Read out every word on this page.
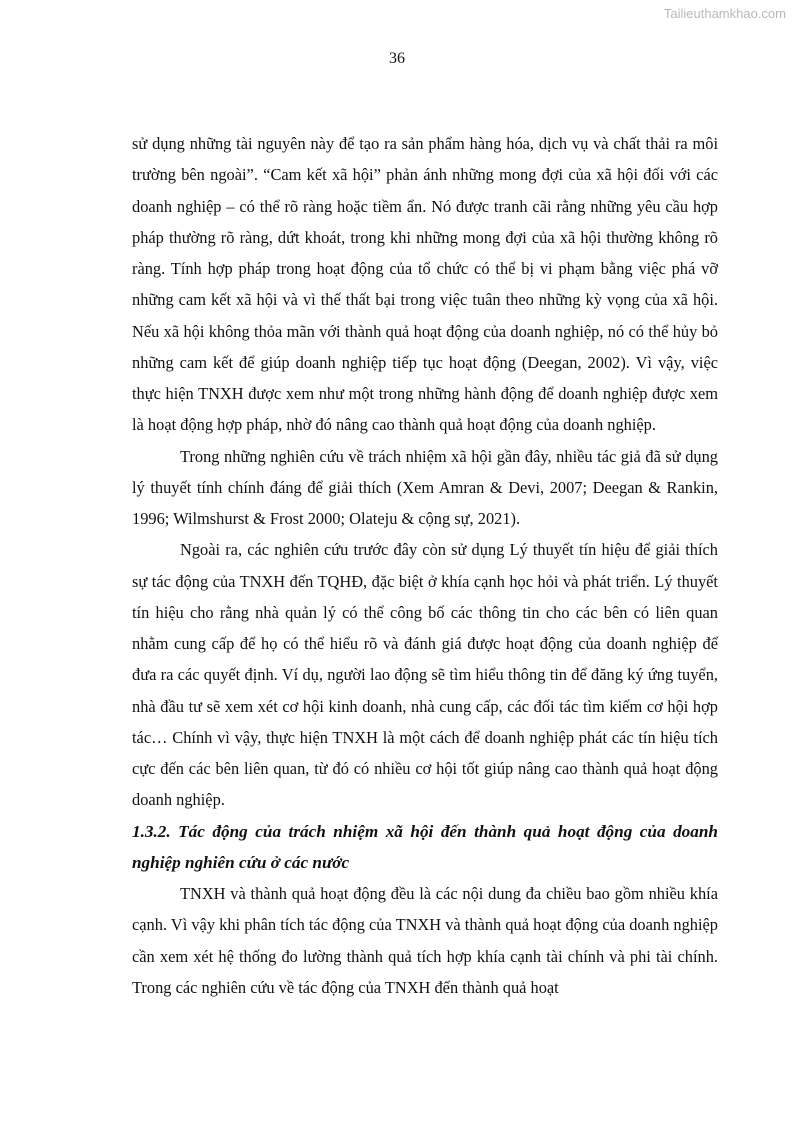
Tailieuthamkhao.com
36

sử dụng những tài nguyên này để tạo ra sản phẩm hàng hóa, dịch vụ và chất thải ra môi trường bên ngoài”. “Cam kết xã hội” phản ánh những mong đợi của xã hội đối với các doanh nghiệp – có thể rõ ràng hoặc tiềm ẩn. Nó được tranh cãi rằng những yêu cầu hợp pháp thường rõ ràng, dứt khoát, trong khi những mong đợi của xã hội thường không rõ ràng. Tính hợp pháp trong hoạt động của tổ chức có thể bị vi phạm bằng việc phá vỡ những cam kết xã hội và vì thế thất bại trong việc tuân theo những kỳ vọng của xã hội. Nếu xã hội không thỏa mãn với thành quả hoạt động của doanh nghiệp, nó có thể hủy bỏ những cam kết để giúp doanh nghiệp tiếp tục hoạt động (Deegan, 2002). Vì vậy, việc thực hiện TNXH được xem như một trong những hành động để doanh nghiệp được xem là hoạt động hợp pháp, nhờ đó nâng cao thành quả hoạt động của doanh nghiệp.

Trong những nghiên cứu về trách nhiệm xã hội gần đây, nhiều tác giả đã sử dụng lý thuyết tính chính đáng để giải thích (Xem Amran & Devi, 2007; Deegan & Rankin, 1996; Wilmshurst & Frost 2000; Olateju & cộng sự, 2021).

Ngoài ra, các nghiên cứu trước đây còn sử dụng Lý thuyết tín hiệu để giải thích sự tác động của TNXH đến TQHĐ, đặc biệt ở khía cạnh học hỏi và phát triển. Lý thuyết tín hiệu cho rằng nhà quản lý có thể công bố các thông tin cho các bên có liên quan nhằm cung cấp để họ có thể hiểu rõ và đánh giá được hoạt động của doanh nghiệp để đưa ra các quyết định. Ví dụ, người lao động sẽ tìm hiểu thông tin để đăng ký ứng tuyển, nhà đầu tư sẽ xem xét cơ hội kinh doanh, nhà cung cấp, các đối tác tìm kiếm cơ hội hợp tác… Chính vì vậy, thực hiện TNXH là một cách để doanh nghiệp phát các tín hiệu tích cực đến các bên liên quan, từ đó có nhiều cơ hội tốt giúp nâng cao thành quả hoạt động doanh nghiệp.

1.3.2. Tác động của trách nhiệm xã hội đến thành quả hoạt động của doanh nghiệp nghiên cứu ở các nước

TNXH và thành quả hoạt động đều là các nội dung đa chiều bao gồm nhiều khía cạnh. Vì vậy khi phân tích tác động của TNXH và thành quả hoạt động của doanh nghiệp cần xem xét hệ thống đo lường thành quả tích hợp khía cạnh tài chính và phi tài chính. Trong các nghiên cứu về tác động của TNXH đến thành quả hoạt
